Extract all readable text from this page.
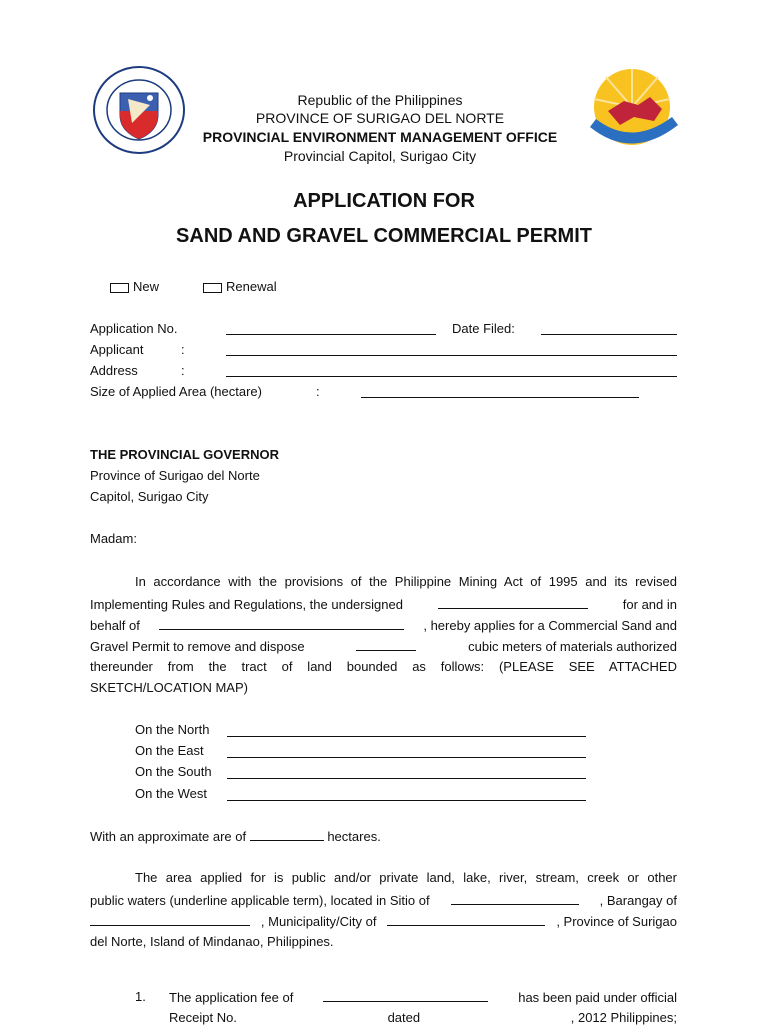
PROVINCE OF SURIGAO DEL NORTE · OFFICIAL SEAL
Republic of the Philippines
PROVINCE OF SURIGAO DEL NORTE
PROVINCIAL ENVIRONMENT MANAGEMENT OFFICE
Provincial Capitol, Surigao City	ANG BAG-ONG SURIGAO
APPLICATION FOR
SAND AND GRAVEL COMMERCIAL PERMIT
New	Renewal
Application No.	Date Filed:
Applicant	:
Address	:
Size of Applied Area (hectare)	:
THE PROVINCIAL GOVERNOR
Province of Surigao del Norte
Capitol, Surigao City
Madam:
In accordance with the provisions of the Philippine Mining Act of 1995 and its revised
Implementing Rules and Regulations, the undersigned	for and in
behalf of	, hereby applies for a Commercial Sand and
Gravel Permit to remove and dispose	cubic meters of materials authorized
thereunder from the tract of land bounded as follows: (PLEASE SEE ATTACHED
SKETCH/LOCATION MAP)
On the North
On the East
On the South
On the West
With an approximate are of	hectares.
The area applied for is public and/or private land, lake, river, stream, creek or other
public waters (underline applicable term), located in Sitio of	, Barangay of
, Municipality/City of	, Province of Surigao
del Norte, Island of Mindanao, Philippines.
1. The application fee of	has been paid under official
Receipt No.	dated	, 2012 Philippines;
